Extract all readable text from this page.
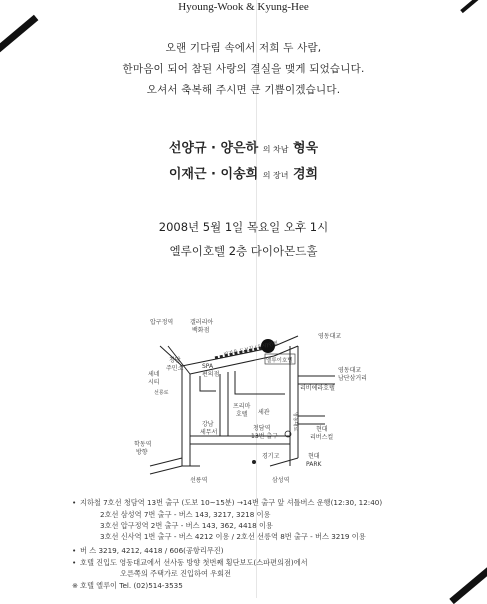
Hyoung-Wook & Kyung-Hee
오랜 기다림 속에서 저희 두 사람,
한마음이 되어 참된 사랑의 결실을 맺게 되었습니다.
오셔서 축복해 주시면 큰 기쁨이겠습니다.
선양규 · 양은하 의 차남 형욱
이재근 · 이송희 의 장녀 경희
2008년 5월 1일 목요일 오후 1시
엘루이호텔 2층 다이아몬드홀
압구정역	갤러리아
백화점
영동대교
청담
주민소	SPA
편의점
엘루이호텔
비기용 도보길 (유시)인접
리비에라호텔
영동대교
남단삼거리
세네
시티
선릉로
프리마
호텔 세관
청담역
13번 출구
현대
리버스컬
강남
세무서
학동역
방향
경기고	현대
PARK
삼성역
선릉역
영동대로
• 지하철 7호선 청담역 13번 출구 (도보 10~15분) →14번 출구 앞 셔틀버스 운행(12:30, 12:40)
2호선 삼성역 7번 출구 - 버스 143, 3217, 3218 이용
3호선 압구정역 2번 출구 - 버스 143, 362, 4418 이용
3호선 신사역 1번 출구 - 버스 4212 이용 / 2호선 선릉역 8번 출구 - 버스 3219 이용
• 버 스 3219, 4212, 4418 / 606(공항리무진)
• 호텔 진입도 영동대교에서 선사동 방향 첫번째 횡단보도(스파편의점)에서
오른쪽의 주택가로 진입하여 우회전
※ 호텔 엘루이 Tel. (02)514-3535
